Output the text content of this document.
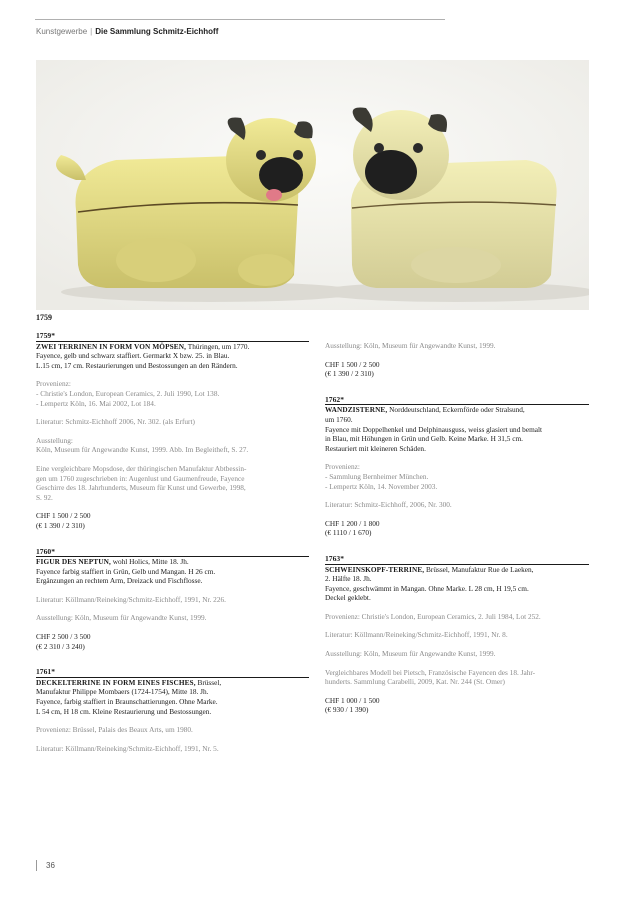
Kunstgewerbe | Die Sammlung Schmitz-Eichhoff
1759
1759*
ZWEI TERRINEN IN FORM VON MÖPSEN, Thüringen, um 1770.
Fayence, gelb und schwarz staffiert. Germarkt X bzw. 25. in Blau.
L.15 cm, 17 cm. Restaurierungen und Bestossungen an den Rändern.
Provenienz:
- Christie's London, European Ceramics, 2. Juli 1990, Lot 138.
- Lempertz Köln, 16. Mai 2002, Lot 184.
Literatur: Schmitz-Eichhoff 2006, Nr. 302. (als Erfurt)
Ausstellung:
Köln, Museum für Angewandte Kunst, 1999. Abb. Im Begleitheft, S. 27.
Eine vergleichbare Mopsdose, der thüringischen Manufaktur Abtbessin-
gen um 1760 zugeschrieben in: Augenlust und Gaumenfreude, Fayence
Geschirre des 18. Jahrhunderts, Museum für Kunst und Gewerbe, 1998,
S. 92.
CHF 1 500 / 2 500
(€ 1 390 / 2 310)
1760*
FIGUR DES NEPTUN, wohl Holics, Mitte 18. Jh.
Fayence farbig staffiert in Grün, Gelb und Mangan. H 26 cm.
Ergänzungen an rechtem Arm, Dreizack und Fischflosse.
Literatur: Köllmann/Reineking/Schmitz-Eichhoff, 1991, Nr. 226.
Ausstellung: Köln, Museum für Angewandte Kunst, 1999.
CHF 2 500 / 3 500
(€ 2 310 / 3 240)
1761*
DECKELTERRINE IN FORM EINES FISCHES, Brüssel,
Manufaktur Philippe Mombaers (1724-1754), Mitte 18. Jh.
Fayence, farbig staffiert in Braunschattierungen. Ohne Marke.
L 54 cm, H 18 cm. Kleine Restaurierung und Bestossungen.
Provenienz: Brüssel, Palais des Beaux Arts, um 1980.
Literatur: Köllmann/Reineking/Schmitz-Eichhoff, 1991, Nr. 5.
Ausstellung: Köln, Museum für Angewandte Kunst, 1999.
CHF 1 500 / 2 500
(€ 1 390 / 2 310)
1762*
WANDZISTERNE, Norddeutschland, Eckernförde oder Stralsund,
um 1760.
Fayence mit Doppelhenkel und Delphinausguss, weiss glasiert und bemalt
in Blau, mit Höhungen in Grün und Gelb. Keine Marke. H 31,5 cm.
Restauriert mit kleineren Schäden.
Provenienz:
- Sammlung Bernheimer München.
- Lempertz Köln, 14. November 2003.
Literatur: Schmitz-Eichhoff, 2006, Nr. 300.
CHF 1 200 / 1 800
(€ 1110 / 1 670)
1763*
SCHWEINSKOPF-TERRINE, Brüssel, Manufaktur Rue de Laeken,
2. Hälfte 18. Jh.
Fayence, geschwämmt in Mangan. Ohne Marke. L 28 cm, H 19,5 cm.
Deckel geklebt.
Provenienz: Christie's London, European Ceramics, 2. Juli 1984, Lot 252.
Literatur: Köllmann/Reineking/Schmitz-Eichhoff, 1991, Nr. 8.
Ausstellung: Köln, Museum für Angewandte Kunst, 1999.
Vergleichbares Modell bei Pietsch, Französische Fayencen des 18. Jahr-
hunderts. Sammlung Carabelli, 2009, Kat. Nr. 244 (St. Omer)
CHF 1 000 / 1 500
(€ 930 / 1 390)
36
